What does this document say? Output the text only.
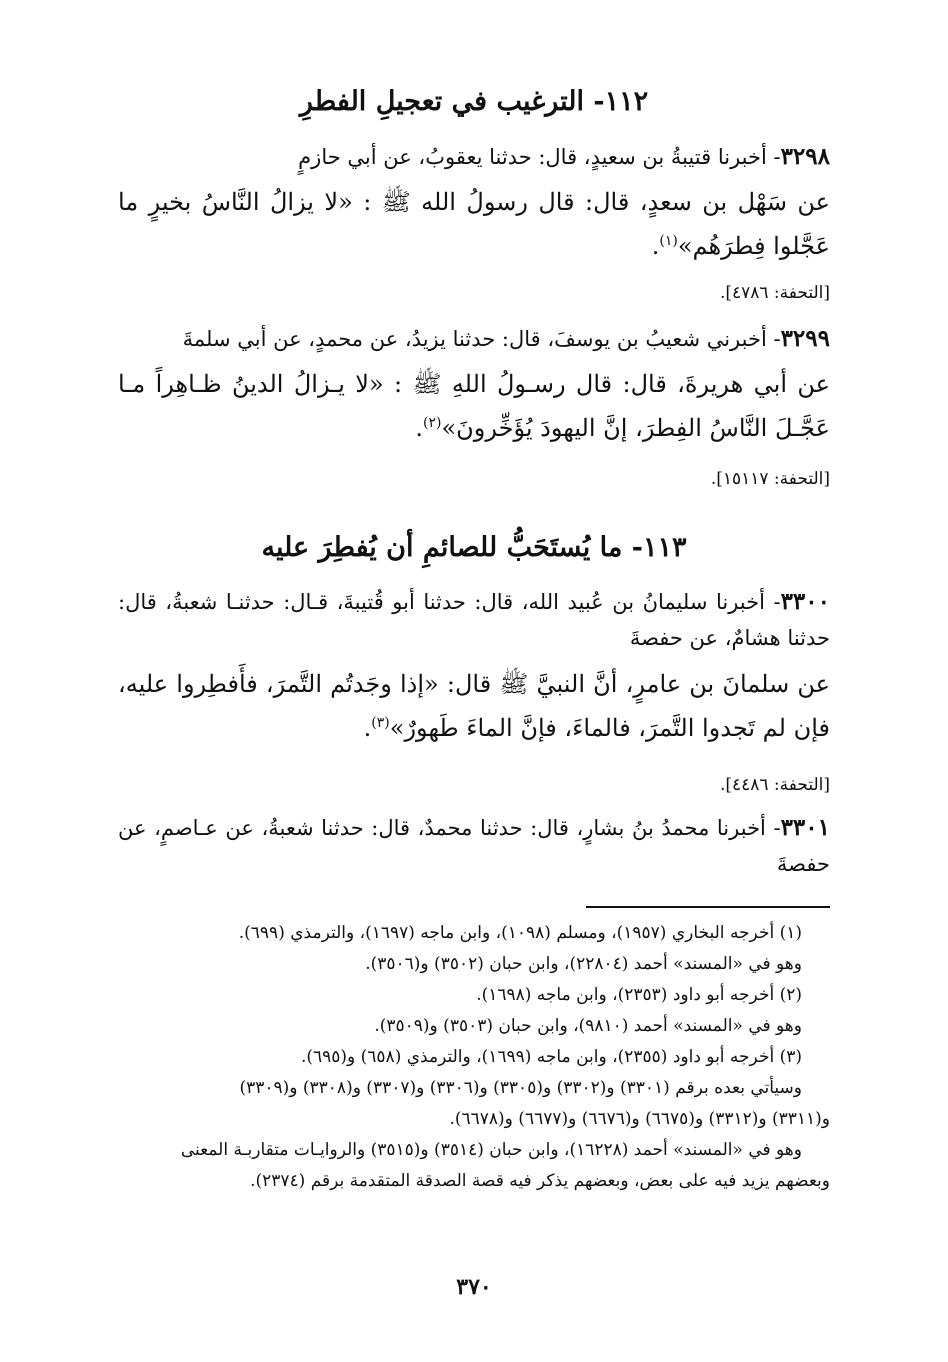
١١٢- الترغيب في تعجيلِ الفطرِ
٣٢٩٨- أخبرنا قتيبةُ بن سعيدٍ، قال: حدثنا يعقوبُ، عن أبي حازمٍ
عن سَهْل بن سعدٍ، قال: قال رسولُ الله ﷺ : «لا يزالُ النَّاسُ بخيرٍ ما عَجَّلوا فِطرَهُم»$^{(١)}$.
[التحفة: ٤٧٨٦].
٣٢٩٩- أخبرني شعيبُ بن يوسفَ، قال: حدثنا يزيدُ، عن محمدٍ، عن أبي سلمةَ
عن أبي هريرةَ، قال: قال رسـولُ اللهِ ﷺ : «لا يـزالُ الدينُ ظـاهِراً مـا عَجَّـلَ النَّاسُ الفِطرَ، إنَّ اليهودَ يُؤَخِّرونَ»$^{(٢)}$.
[التحفة: ١٥١١٧].
١١٣- ما يُستَحَبُّ للصائمِ أن يُفطِرَ عليه
٣٣٠٠- أخبرنا سليمانُ بن عُبيد الله، قال: حدثنا أبو قُتيبةَ، قـال: حدثنـا شعبةُ، قال: حدثنا هشامٌ، عن حفصةَ
عن سلمانَ بن عامرٍ، أنَّ النبيَّ ﷺ قال: «إذا وجَدتُم التَّمرَ، فأَفطِروا عليه، فإن لم تَجدوا التَّمرَ، فالماءَ، فإنَّ الماءَ طَهورٌ»$^{(٣)}$.
[التحفة: ٤٤٨٦].
٣٣٠١- أخبرنا محمدُ بنُ بشارٍ، قال: حدثنا محمدٌ، قال: حدثنا شعبةُ، عن عـاصمٍ، عن حفصةَ
(١) أخرجه البخاري (١٩٥٧)، ومسلم (١٠٩٨)، وابن ماجه (١٦٩٧)، والترمذي (٦٩٩).
وهو في «المسند» أحمد (٢٢٨٠٤)، وابن حبان (٣٥٠٢) و(٣٥٠٦).
(٢) أخرجه أبو داود (٢٣٥٣)، وابن ماجه (١٦٩٨).
وهو في «المسند» أحمد (٩٨١٠)، وابن حبان (٣٥٠٣) و(٣٥٠٩).
(٣) أخرجه أبو داود (٢٣٥٥)، وابن ماجه (١٦٩٩)، والترمذي (٦٥٨) و(٦٩٥).
وسيأتي بعده برقم (٣٣٠١) و(٣٣٠٢) و(٣٣٠٥) و(٣٣٠٦) و(٣٣٠٧) و(٣٣٠٨) و(٣٣٠٩)
و(٣٣١١) و(٣٣١٢) و(٦٦٧٥) و(٦٦٧٦) و(٦٦٧٧) و(٦٦٧٨).
وهو في «المسند» أحمد (١٦٢٢٨)، وابن حبان (٣٥١٤) و(٣٥١٥) والروايـات متقاربـة المعنى
وبعضهم يزيد فيه على بعض، وبعضهم يذكر فيه قصة الصدقة المتقدمة برقم (٢٣٧٤).
٣٧٠
